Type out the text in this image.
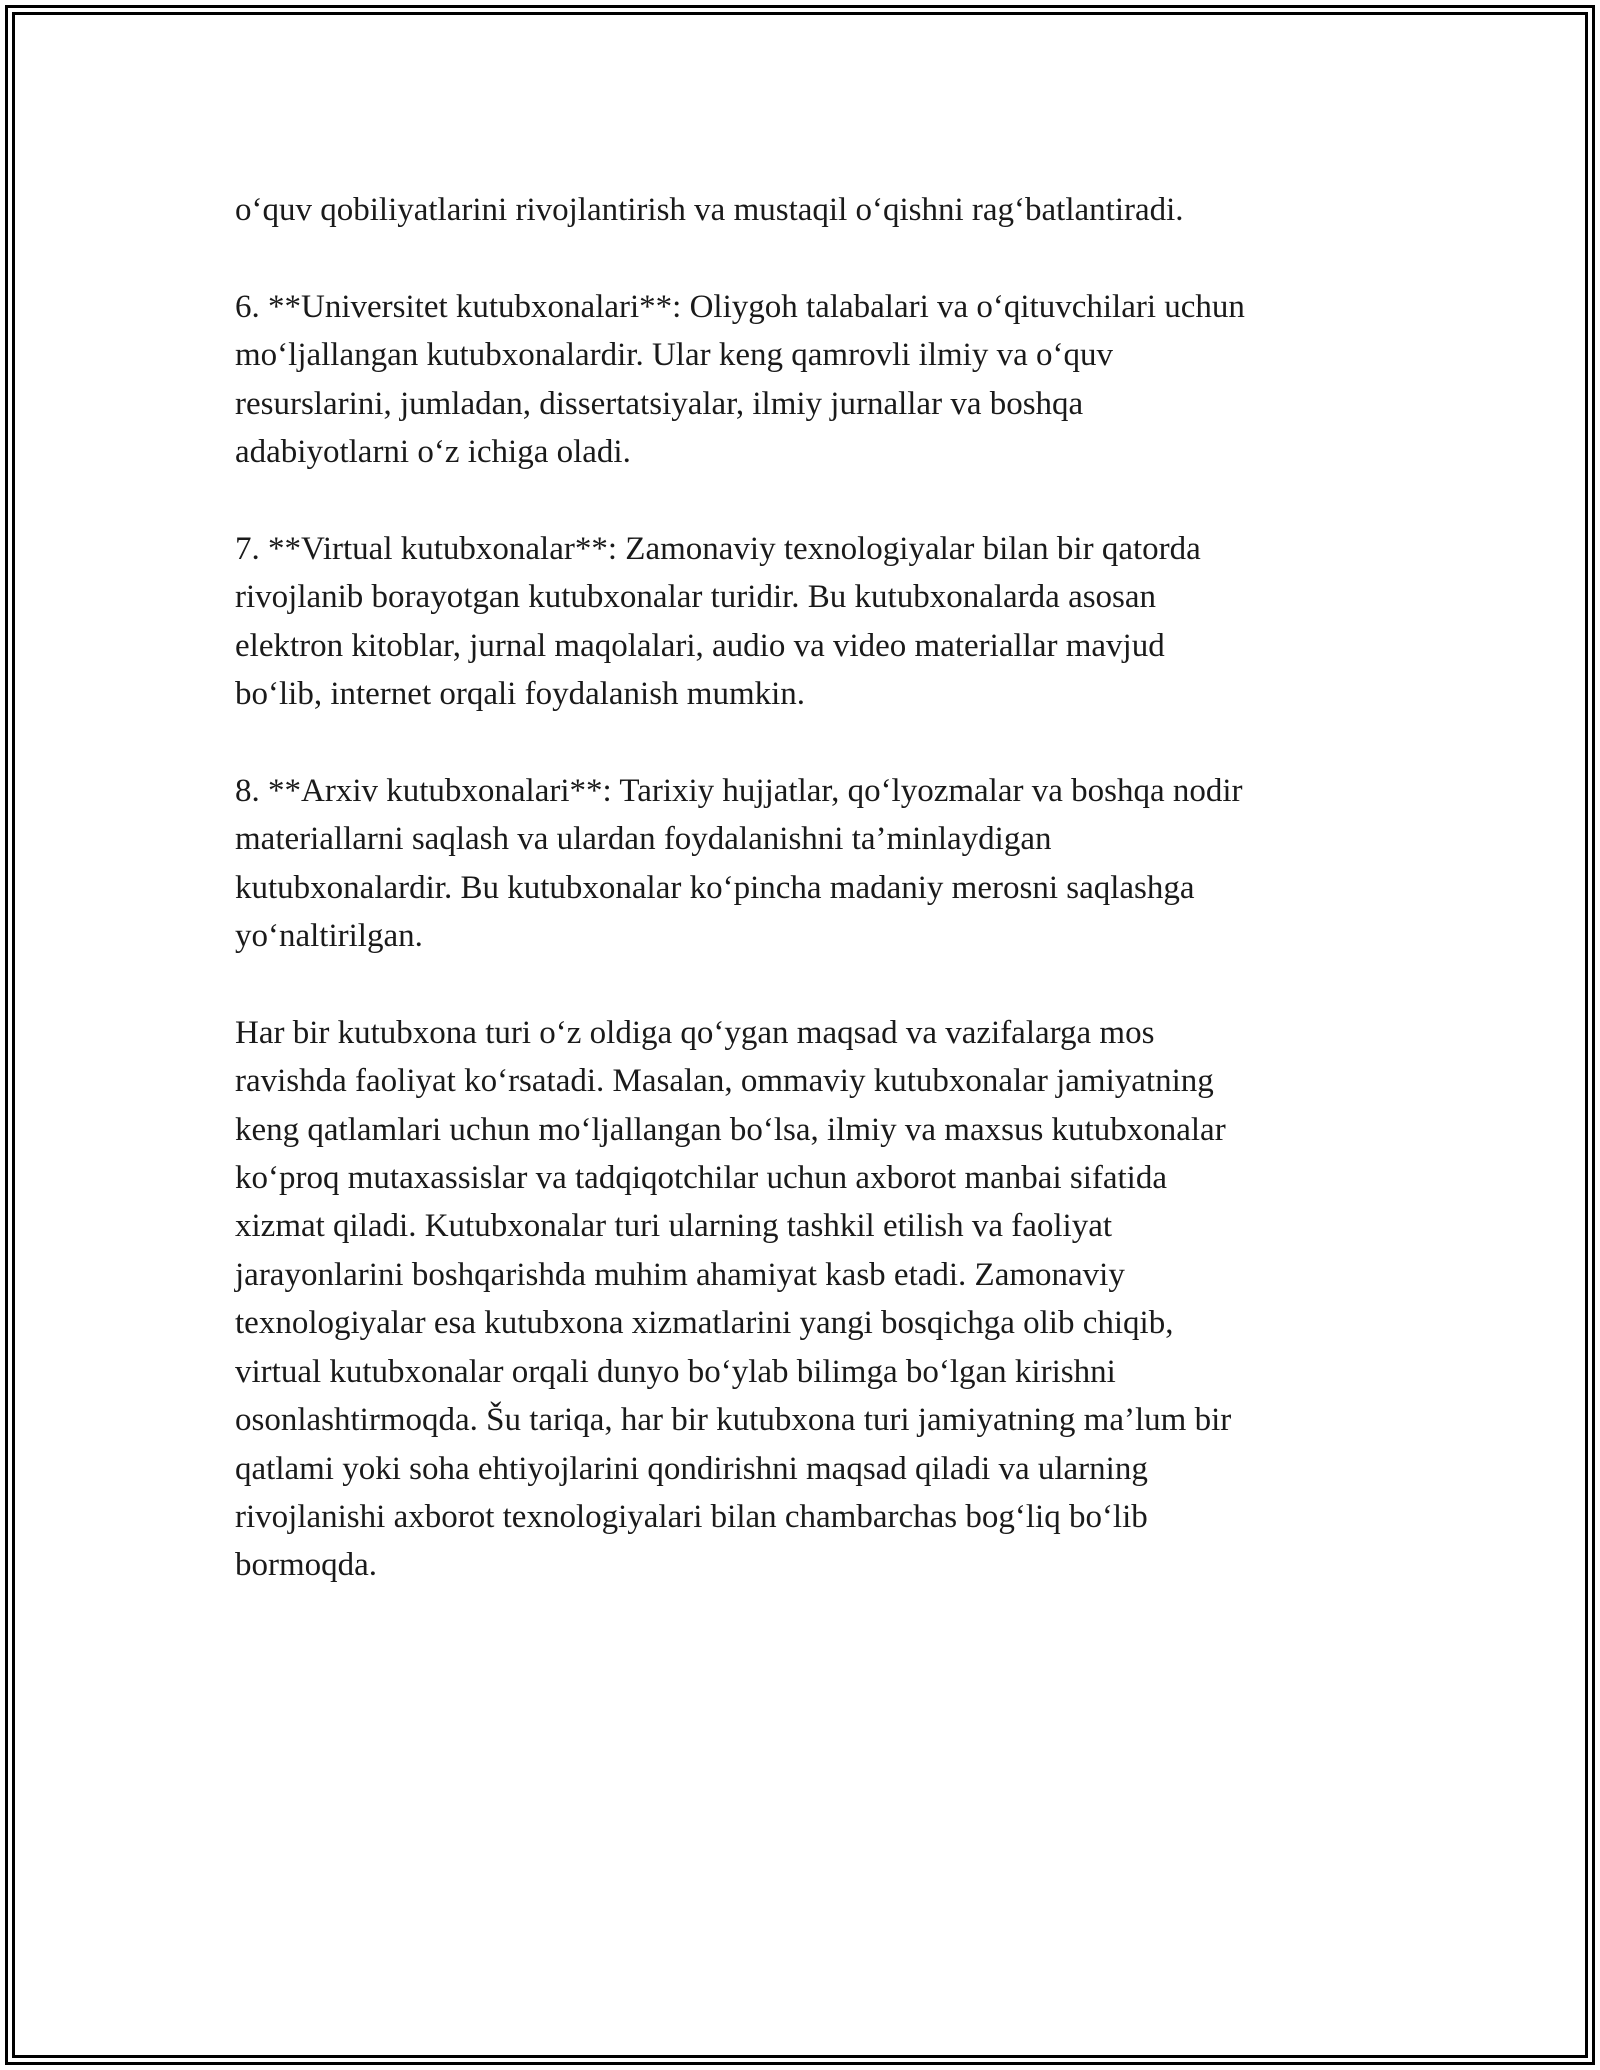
o‘quv qobiliyatlarini rivojlantirish va mustaqil o‘qishni rag‘batlantiradi.

6. **Universitet kutubxonalari**: Oliygoh talabalari va o‘qituvchilari uchun
mo‘ljallangan kutubxonalardir. Ular keng qamrovli ilmiy va o‘quv
resurslarini, jumladan, dissertatsiyalar, ilmiy jurnallar va boshqa
adabiyotlarni o‘z ichiga oladi.

7. **Virtual kutubxonalar**: Zamonaviy texnologiyalar bilan bir qatorda
rivojlanib borayotgan kutubxonalar turidir. Bu kutubxonalarda asosan
elektron kitoblar, jurnal maqolalari, audio va video materiallar mavjud
bo‘lib, internet orqali foydalanish mumkin.

8. **Arxiv kutubxonalari**: Tarixiy hujjatlar, qo‘lyozmalar va boshqa nodir
materiallarni saqlash va ulardan foydalanishni ta’minlaydigan
kutubxonalardir. Bu kutubxonalar ko‘pincha madaniy merosni saqlashga
yo‘naltirilgan.

Har bir kutubxona turi o‘z oldiga qo‘ygan maqsad va vazifalarga mos
ravishda faoliyat ko‘rsatadi. Masalan, ommaviy kutubxonalar jamiyatning
keng qatlamlari uchun mo‘ljallangan bo‘lsa, ilmiy va maxsus kutubxonalar
ko‘proq mutaxassislar va tadqiqotchilar uchun axborot manbai sifatida
xizmat qiladi. Kutubxonalar turi ularning tashkil etilish va faoliyat
jarayonlarini boshqarishda muhim ahamiyat kasb etadi. Zamonaviy
texnologiyalar esa kutubxona xizmatlarini yangi bosqichga olib chiqib,
virtual kutubxonalar orqali dunyo bo‘ylab bilimga bo‘lgan kirishni
osonlashtirmoqda. Šu tariqa, har bir kutubxona turi jamiyatning ma’lum bir
qatlami yoki soha ehtiyojlarini qondirishni maqsad qiladi va ularning
rivojlanishi axborot texnologiyalari bilan chambarchas bog‘liq bo‘lib
bormoqda.
